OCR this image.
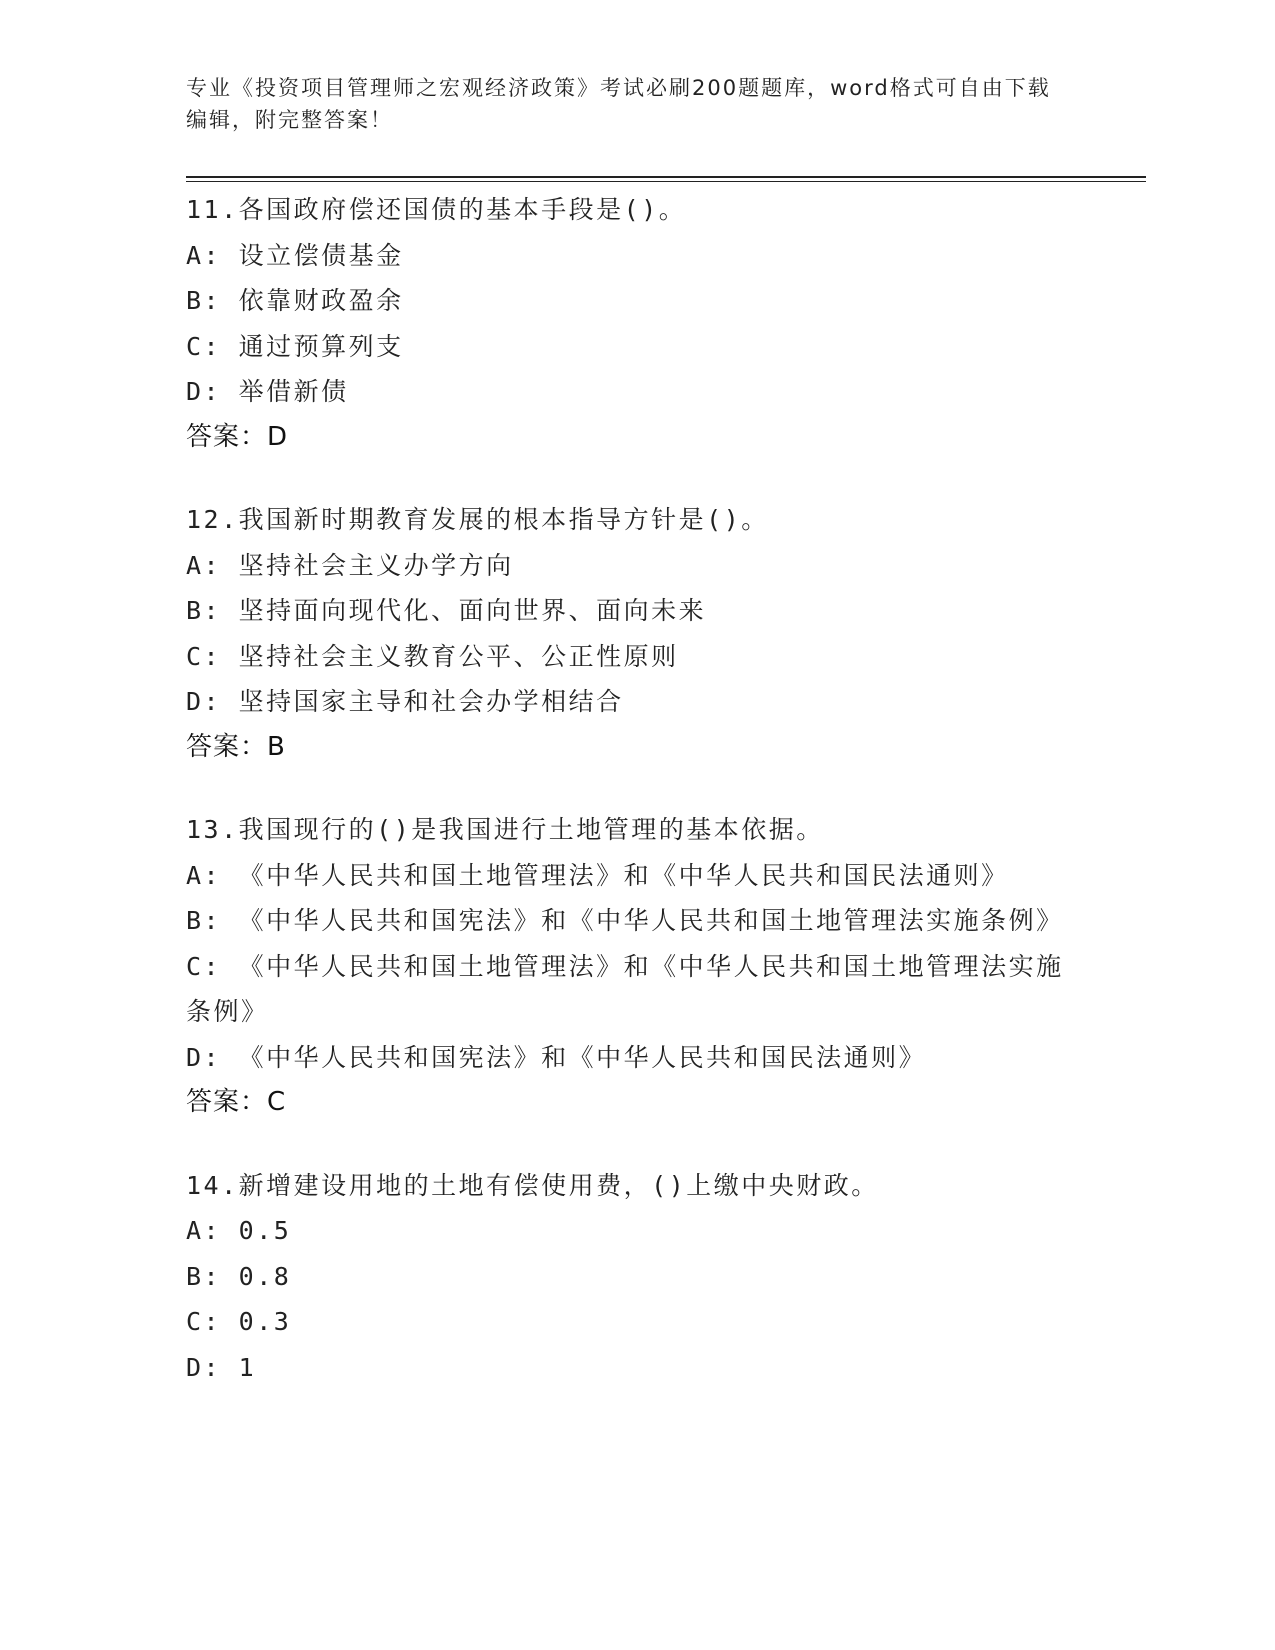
专业《投资项目管理师之宏观经济政策》考试必刷200题题库，word格式可自由下载编辑，附完整答案！

11.各国政府偿还国债的基本手段是()。

A: 设立偿债基金

B: 依靠财政盈余

C: 通过预算列支

D: 举借新债

答案：D

12.我国新时期教育发展的根本指导方针是()。

A: 坚持社会主义办学方向

B: 坚持面向现代化、面向世界、面向未来

C: 坚持社会主义教育公平、公正性原则

D: 坚持国家主导和社会办学相结合

答案：B

13.我国现行的()是我国进行土地管理的基本依据。

A: 《中华人民共和国土地管理法》和《中华人民共和国民法通则》

B: 《中华人民共和国宪法》和《中华人民共和国土地管理法实施条例》

C: 《中华人民共和国土地管理法》和《中华人民共和国土地管理法实施条例》

D: 《中华人民共和国宪法》和《中华人民共和国民法通则》

答案：C

14.新增建设用地的土地有偿使用费，()上缴中央财政。

A: 0.5

B: 0.8

C: 0.3

D: 1
